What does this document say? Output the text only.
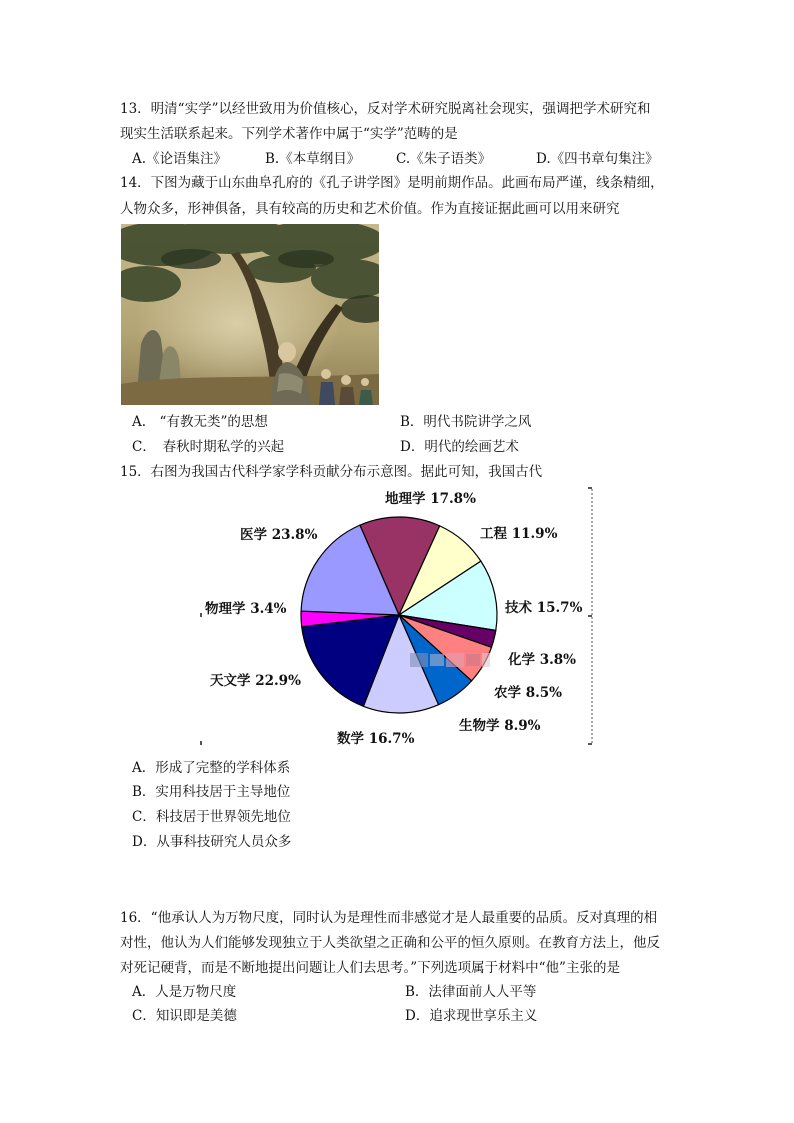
13．明清“实学”以经世致用为价值核心，反对学术研究脱离社会现实，强调把学术研究和
现实生活联系起来。下列学术著作中属于“实学”范畴的是
A.《论语集注》	B.《本草纲目》	C.《朱子语类》	D.《四书章句集注》
14．下图为藏于山东曲阜孔府的《孔子讲学图》是明前期作品。此画布局严谨，线条精细，
人物众多，形神俱备，具有较高的历史和艺术价值。作为直接证据此画可以用来研究
A.　“有教无类”的思想	B．明代书院讲学之风
C．　春秋时期私学的兴起	D．明代的绘画艺术
15．右图为我国古代科学家学科贡献分布示意图。据此可知，我国古代
地理学 17.8%
工程 11.9%
技术 15.7%
化学 3.8%
农学 8.5%
生物学 8.9%
数学 16.7%
天文学 22.9%
物理学 3.4%
医学 23.8%
A．形成了完整的学科体系
B．实用科技居于主导地位
C．科技居于世界领先地位
D．从事科技研究人员众多
16．“他承认人为万物尺度，同时认为是理性而非感觉才是人最重要的品质。反对真理的相
对性，他认为人们能够发现独立于人类欲望之正确和公平的恒久原则。在教育方法上，他反
对死记硬背，而是不断地提出问题让人们去思考。”下列选项属于材料中“他”主张的是
A．人是万物尺度	B．法律面前人人平等
C．知识即是美德	D．追求现世享乐主义
